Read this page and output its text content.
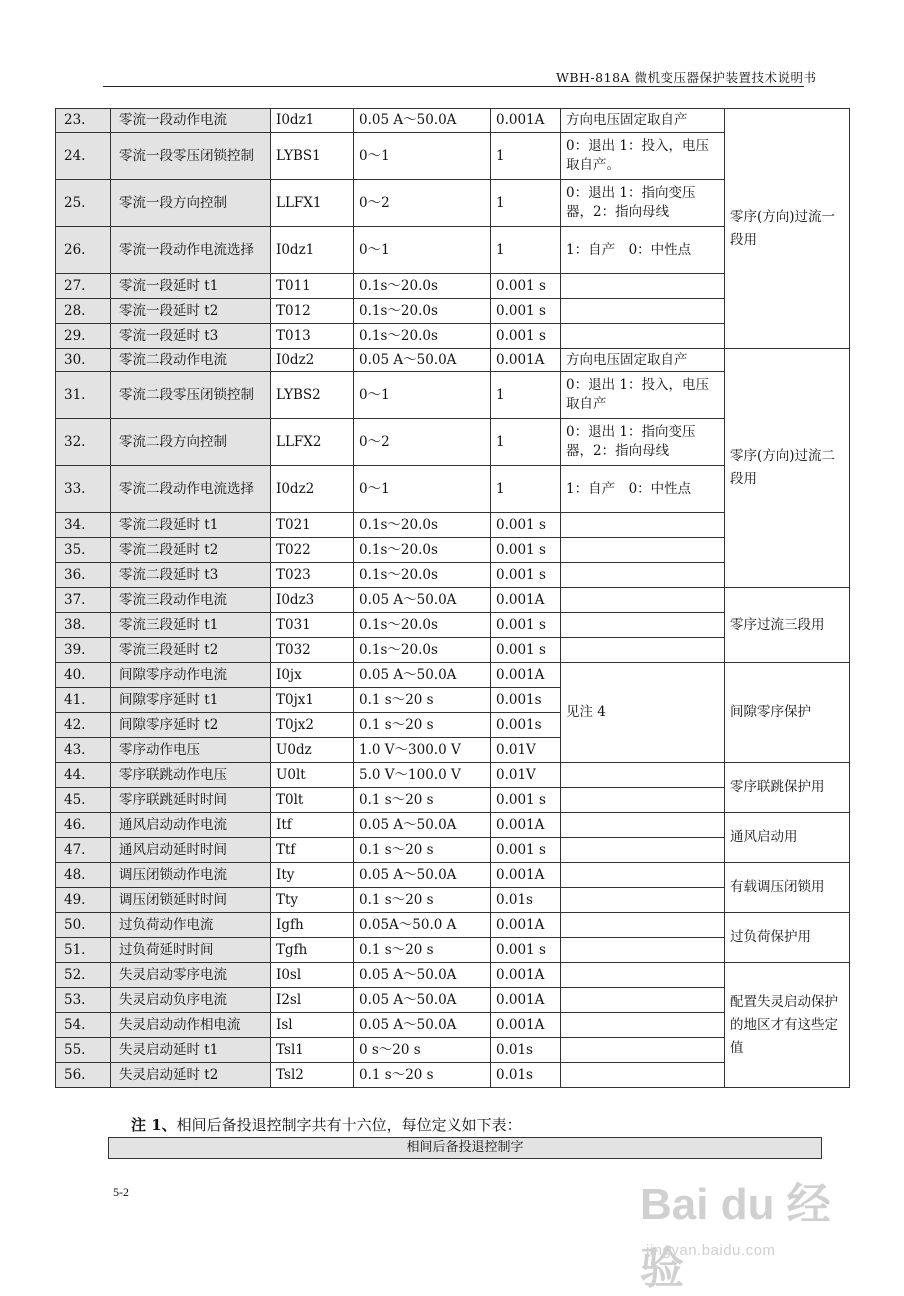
WBH-818A 微机变压器保护装置技术说明书
23.	零流一段动作电流	I0dz1	0.05 A～50.0A	0.001A	方向电压固定取自产	零序(方向)过流一段用
24.	零流一段零压闭锁控制	LYBS1	0～1	1	0：退出 1：投入，电压取自产。	
25.	零流一段方向控制	LLFX1	0～2	1	0：退出 1：指向变压器，2：指向母线	
26.	零流一段动作电流选择	I0dz1	0～1	1	1：自产　0：中性点	
27.	零流一段延时 t1	T011	0.1s～20.0s	0.001 s		
28.	零流一段延时 t2	T012	0.1s～20.0s	0.001 s		
29.	零流一段延时 t3	T013	0.1s～20.0s	0.001 s		
30.	零流二段动作电流	I0dz2	0.05 A～50.0A	0.001A	方向电压固定取自产	零序(方向)过流二段用
31.	零流二段零压闭锁控制	LYBS2	0～1	1	0：退出 1：投入，电压取自产	
32.	零流二段方向控制	LLFX2	0～2	1	0：退出 1：指向变压器，2：指向母线	
33.	零流二段动作电流选择	I0dz2	0～1	1	1：自产　0：中性点	
34.	零流二段延时 t1	T021	0.1s～20.0s	0.001 s		
35.	零流二段延时 t2	T022	0.1s～20.0s	0.001 s		
36.	零流二段延时 t3	T023	0.1s～20.0s	0.001 s		
37.	零流三段动作电流	I0dz3	0.05 A～50.0A	0.001A		零序过流三段用
38.	零流三段延时 t1	T031	0.1s～20.0s	0.001 s		
39.	零流三段延时 t2	T032	0.1s～20.0s	0.001 s		
40.	间隙零序动作电流	I0jx	0.05 A～50.0A	0.001A	见注 4	间隙零序保护
41.	间隙零序延时 t1	T0jx1	0.1 s～20 s	0.001s		
42.	间隙零序延时 t2	T0jx2	0.1 s～20 s	0.001s		
43.	零序动作电压	U0dz	1.0 V～300.0 V	0.01V		
44.	零序联跳动作电压	U0lt	5.0 V～100.0 V	0.01V		零序联跳保护用
45.	零序联跳延时时间	T0lt	0.1 s～20 s	0.001 s		
46.	通风启动动作电流	Itf	0.05 A～50.0A	0.001A		通风启动用
47.	通风启动延时时间	Ttf	0.1 s～20 s	0.001 s		
48.	调压闭锁动作电流	Ity	0.05 A～50.0A	0.001A		有载调压闭锁用
49.	调压闭锁延时时间	Tty	0.1 s～20 s	0.01s		
50.	过负荷动作电流	Igfh	0.05A～50.0 A	0.001A		过负荷保护用
51.	过负荷延时时间	Tgfh	0.1 s～20 s	0.001 s		
52.	失灵启动零序电流	I0sl	0.05 A～50.0A	0.001A		配置失灵启动保护的地区才有这些定值
53.	失灵启动负序电流	I2sl	0.05 A～50.0A	0.001A		
54.	失灵启动动作相电流	Isl	0.05 A～50.0A	0.001A		
55.	失灵启动延时 t1	Tsl1	0 s～20 s	0.01s		
56.	失灵启动延时 t2	Tsl2	0.1 s～20 s	0.01s		
注 1、相间后备投退控制字共有十六位，每位定义如下表：
相间后备投退控制字
5-2	Bai du 经验
jingyan.baidu.com
